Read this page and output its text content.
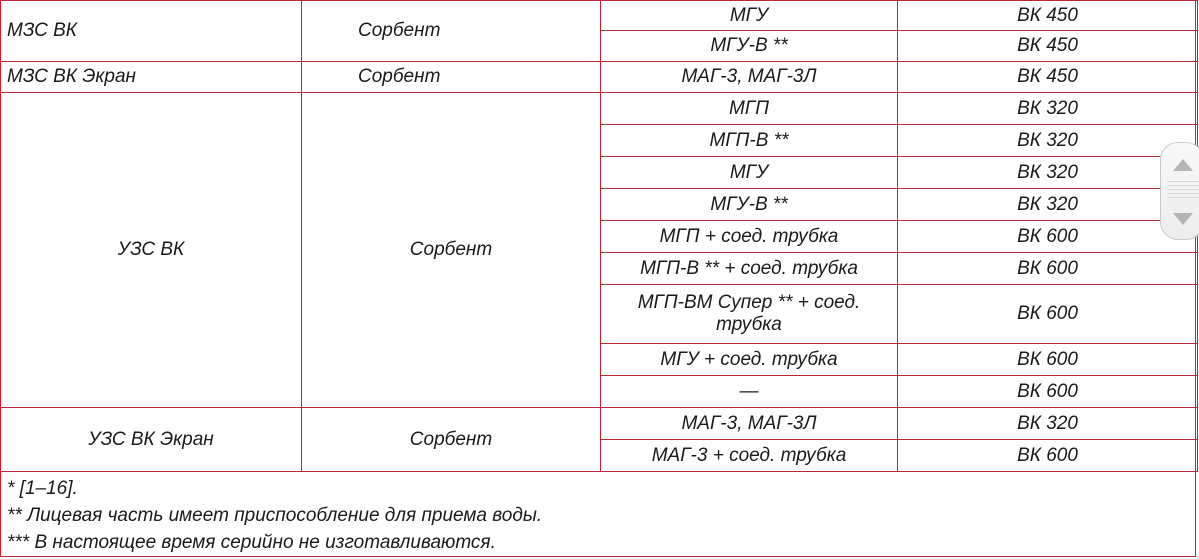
МЗС ВК	Сорбент	МГУ	ВК 450
		МГУ-В **	ВК 450
МЗС ВК Экран	Сорбент	МАГ-3, МАГ-3Л	ВК 450
УЗС ВК	Сорбент	МГП	ВК 320
		МГП-В **	ВК 320
		МГУ	ВК 320
		МГУ-В **	ВК 320
		МГП + соед. трубка	ВК 600
		МГП-В ** + соед. трубка	ВК 600
		МГП-ВМ Супер ** + соед. трубка	ВК 600
		МГУ + соед. трубка	ВК 600
		—	ВК 600
УЗС ВК Экран	Сорбент	МАГ-3, МАГ-3Л	ВК 320
		МАГ-3 + соед. трубка	ВК 600
* [1–16].
** Лицевая часть имеет приспособление для приема воды.
*** В настоящее время серийно не изготавливаются.
